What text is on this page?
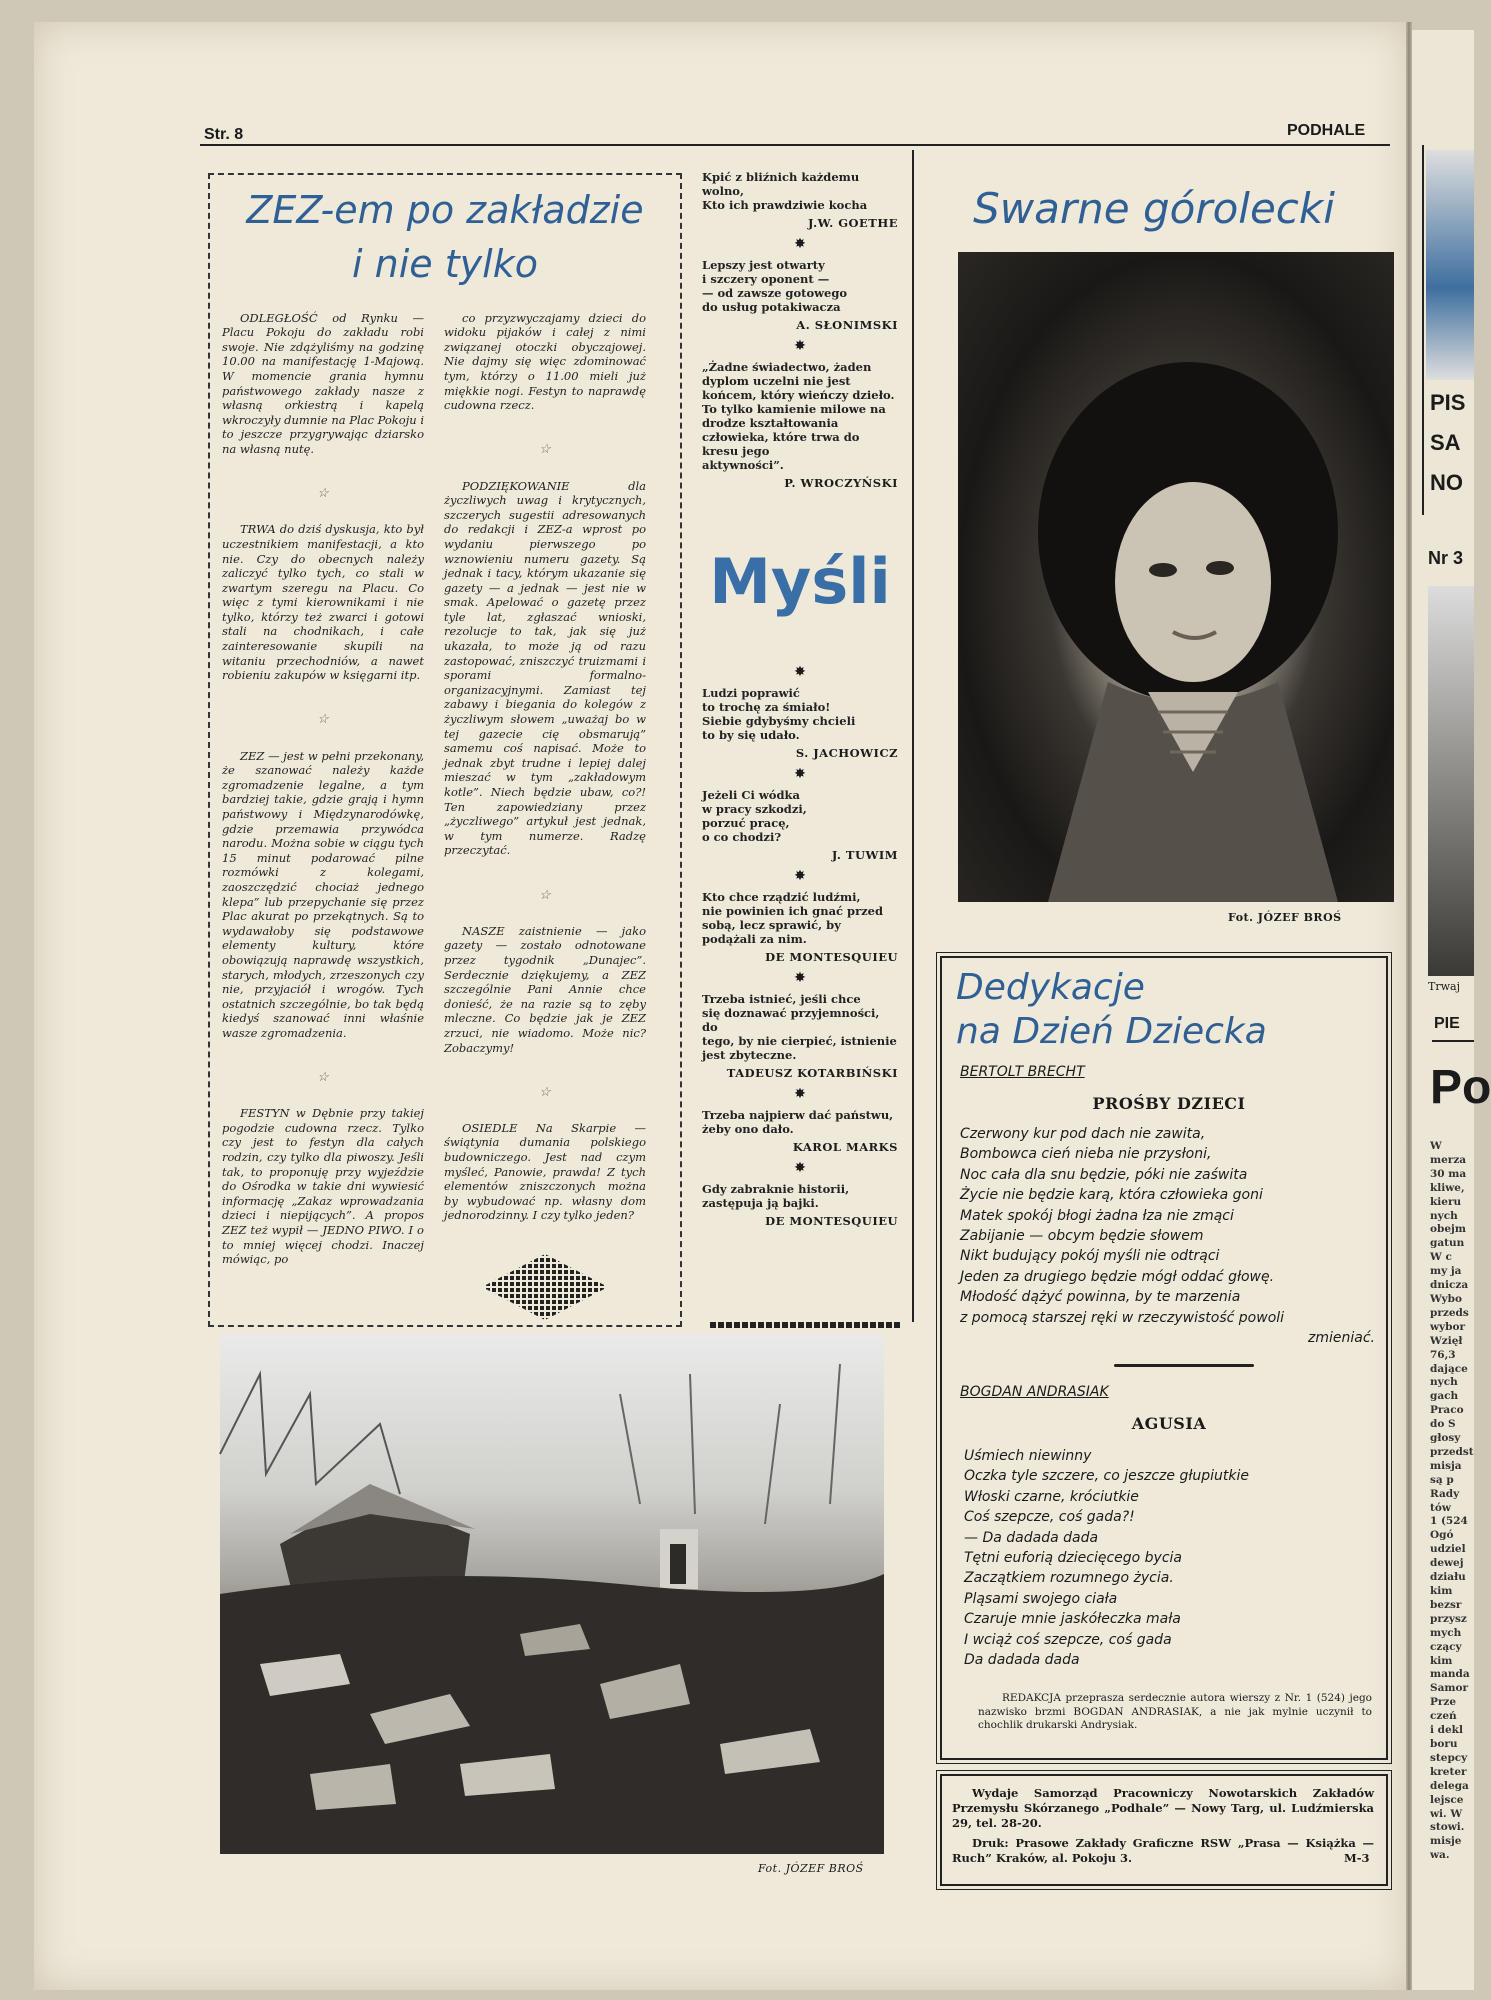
Str. 8	PODHALE
ZEZ-em po zakładzie
i nie tylko

ODLEGŁOŚĆ od Rynku — Placu Pokoju do zakładu robi swoje. Nie zdążyliśmy na godzinę 10.00 na manifestację 1-Majową. W momencie grania hymnu państwowego zakłady nasze z własną orkiestrą i kapelą wkroczyły dumnie na Plac Pokoju i to jeszcze przygrywając dziarsko na własną nutę.

☆

TRWA do dziś dyskusja, kto był uczestnikiem manifestacji, a kto nie. Czy do obecnych należy zaliczyć tylko tych, co stali w zwartym szeregu na Placu. Co więc z tymi kierownikami i nie tylko, którzy też zwarci i gotowi stali na chodnikach, i całe zainteresowanie skupili na witaniu przechodniów, a nawet robieniu zakupów w księgarni itp.

☆

ZEZ — jest w pełni przekonany, że szanować należy każde zgromadzenie legalne, a tym bardziej takie, gdzie grają i hymn państwowy i Międzynarodówkę, gdzie przemawia przywódca narodu. Można sobie w ciągu tych 15 minut podarować pilne rozmówki z kolegami, zaoszczędzić chociaż jednego klepa” lub przepychanie się przez Plac akurat po przekątnych. Są to wydawałoby się podstawowe elementy kultury, które obowiązują naprawdę wszystkich, starych, młodych, zrzeszonych czy nie, przyjaciół i wrogów. Tych ostatnich szczególnie, bo tak będą kiedyś szanować inni właśnie wasze zgromadzenia.

☆

FESTYN w Dębnie przy takiej pogodzie cudowna rzecz. Tylko czy jest to festyn dla całych rodzin, czy tylko dla piwoszy. Jeśli tak, to proponuję przy wyjeździe do Ośrodka w takie dni wywiesić informację „Zakaz wprowadzania dzieci i niepijących”. A propos ZEZ też wypił — JEDNO PIWO. I o to mniej więcej chodzi. Inaczej mówiąc, po

co przyzwyczajamy dzieci do widoku pijaków i całej z nimi związanej otoczki obyczajowej. Nie dajmy się więc zdominować tym, którzy o 11.00 mieli już miękkie nogi. Festyn to naprawdę cudowna rzecz.

☆

PODZIĘKOWANIE dla życzliwych uwag i krytycznych, szczerych sugestii adresowanych do redakcji i ZEZ-a wprost po wydaniu pierwszego po wznowieniu numeru gazety. Są jednak i tacy, którym ukazanie się gazety — a jednak — jest nie w smak. Apelować o gazetę przez tyle lat, zgłaszać wnioski, rezolucje to tak, jak się już ukazała, to może ją od razu zastopować, zniszczyć truizmami i sporami formalno-organizacyjnymi. Zamiast tej zabawy i biegania do kolegów z życzliwym słowem „uważaj bo w tej gazecie cię obsmarują” samemu coś napisać. Może to jednak zbyt trudne i lepiej dalej mieszać w tym „zakładowym kotle”. Niech będzie ubaw, co?! Ten zapowiedziany przez „życzliwego” artykuł jest jednak, w tym numerze. Radzę przeczytać.

☆

NASZE zaistnienie — jako gazety — zostało odnotowane przez tygodnik „Dunajec”. Serdecznie dziękujemy, a ZEZ szczególnie Pani Annie chce donieść, że na razie są to zęby mleczne. Co będzie jak je ZEZ zrzuci, nie wiadomo. Może nic? Zobaczymy!

☆

OSIEDLE Na Skarpie — świątynia dumania polskiego budowniczego. Jest nad czym myśleć, Panowie, prawda! Z tych elementów zniszczonych można by wybudować np. własny dom jednorodzinny. I czy tylko jeden?

Kpić z bliźnich każdemu wolno,
Kto ich prawdziwie kocha
J.W. GOETHE
✸
Lepszy jest otwarty
i szczery oponent —
— od zawsze gotowego
do usług potakiwacza
A. SŁONIMSKI
✸
„Żadne świadectwo, żaden
dyplom uczelni nie jest
końcem, który wieńczy dzieło.
To tylko kamienie milowe na
drodze kształtowania człowieka, które trwa do kresu jego
aktywności”.
P. WROCZYŃSKI
Myśli
✸
Ludzi poprawić
to trochę za śmiało!
Siebie gdybyśmy chcieli
to by się udało.
S. JACHOWICZ
✸
Jeżeli Ci wódka
w pracy szkodzi,
porzuć pracę,
o co chodzi?
J. TUWIM
✸
Kto chce rządzić ludźmi,
nie powinien ich gnać przed
sobą, lecz sprawić, by podążali za nim.
DE MONTESQUIEU
✸
Trzeba istnieć, jeśli chce
się doznawać przyjemności, do
tego, by nie cierpieć, istnienie jest zbyteczne.
TADEUSZ KOTARBIŃSKI
✸
Trzeba najpierw dać państwu, żeby ono dało.
KAROL MARKS
✸
Gdy zabraknie historii, zastępuja ją bajki.
DE MONTESQUIEU
Swarne górolecki
Fot. JÓZEF BROŚ
Fot. JÓZEF BROŚ
Dedykacje
na Dzień Dziecka
BERTOLT BRECHT
PROŚBY DZIECI
Czerwony kur pod dach nie zawita,
Bombowca cień nieba nie przysłoni,
Noc cała dla snu będzie, póki nie zaświta
Życie nie będzie karą, która człowieka goni
Matek spokój błogi żadna łza nie zmąci
Zabijanie — obcym będzie słowem
Nikt budujący pokój myśli nie odtrąci
Jeden za drugiego będzie mógł oddać głowę.
Młodość dążyć powinna, by te marzenia
z pomocą starszej ręki w rzeczywistość powoli
zmieniać.
BOGDAN ANDRASIAK
AGUSIA
Uśmiech niewinny
Oczka tyle szczere, co jeszcze głupiutkie
Włoski czarne, króciutkie
Coś szepcze, coś gada?!
— Da dadada dada
Tętni euforią dziecięcego bycia
Zaczątkiem rozumnego życia.
Pląsami swojego ciała
Czaruje mnie jaskółeczka mała
I wciąż coś szepcze, coś gada
Da dadada dada
REDAKCJA przeprasza serdecznie autora wierszy z Nr. 1 (524) jego nazwisko brzmi BOGDAN ANDRASIAK, a nie jak mylnie uczynił to chochlik drukarski Andrysiak.
Wydaje Samorząd Pracowniczy Nowotarskich Zakładów Przemysłu Skórzanego „Podhale” — Nowy Targ, ul. Ludźmierska 29, tel. 28-20.
Druk: Prasowe Zakłady Graficzne RSW „Prasa — Książka — Ruch” Kraków, al. Pokoju 3.	M-3
PIS
SA
NO
Nr 3
Trwaj
PIE
Po
W
merza
30 ma
kliwe,
kieru
nych
obejm
gatun
W c
my ja
dnicza
Wybo
przeds
wybor
Wzięł
76,3
dające
nych
gach
Praco
do S
głosy
przedst
misja
są p
Rady
tów
1 (524
Ogó
udziel
dewej
działu
kim
bezsr
przysz
mych
czący
kim
manda
Samor
Prze
czeń
i dekl
boru
stepcy
kreter
delega
lejsce
wi. W
stowi.
misje
wa.
